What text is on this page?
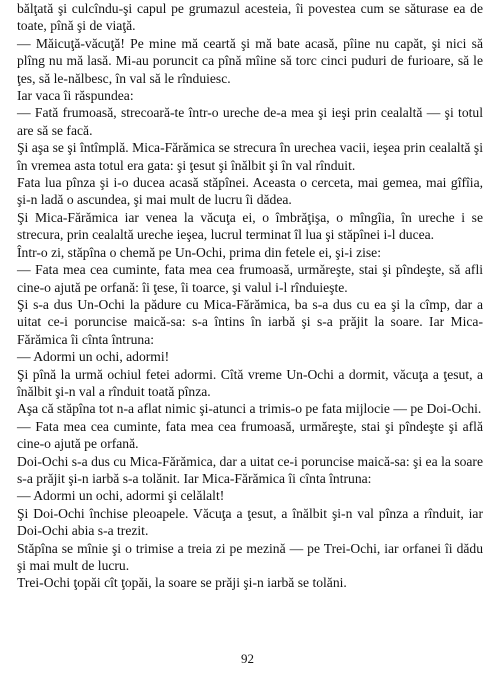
bălţată şi culcîndu-şi capul pe grumazul acesteia, îi povestea cum se săturase ea de toate, pînă şi de viaţă.

— Măicuţă-văcuţă! Pe mine mă ceartă şi mă bate acasă, pîine nu capăt, şi nici să plîng nu mă lasă. Mi-au poruncit ca pînă mîine să torc cinci puduri de furioare, să le ţes, să le-nălbesc, în val să le rînduiesc.

Iar vaca îi răspundea:

— Fată frumoasă, strecoară-te într-o ureche de-a mea şi ieşi prin cealaltă — şi totul are să se facă.

Şi aşa se şi întîmplă. Mica-Fărămica se strecura în urechea vacii, ieşea prin cealaltă şi în vremea asta totul era gata: şi ţesut şi înălbit şi în val rînduit.

Fata lua pînza şi i-o ducea acasă stăpînei. Aceasta o cerceta, mai gemea, mai gîfîia, şi-n ladă o ascundea, şi mai mult de lucru îi dădea.

Şi Mica-Fărămica iar venea la văcuţa ei, o îmbrăţişa, o mîngîia, în ureche i se strecura, prin cealaltă ureche ieşea, lucrul terminat îl lua şi stăpînei i-l ducea.

Într-o zi, stăpîna o chemă pe Un-Ochi, prima din fetele ei, şi-i zise:

— Fata mea cea cuminte, fata mea cea frumoasă, urmăreşte, stai şi pîndeşte, să afli cine-o ajută pe orfană: îi ţese, îi toarce, şi valul i-l rînduieşte.

Şi s-a dus Un-Ochi la pădure cu Mica-Fărămica, ba s-a dus cu ea şi la cîmp, dar a uitat ce-i poruncise maică-sa: s-a întins în iarbă şi s-a prăjit la soare. Iar Mica-Fărămica îi cînta întruna:

— Adormi un ochi, adormi!

Şi pînă la urmă ochiul fetei adormi. Cîtă vreme Un-Ochi a dormit, văcuţa a ţesut, a înălbit şi-n val a rînduit toată pînza.

Aşa că stăpîna tot n-a aflat nimic şi-atunci a trimis-o pe fata mijlocie — pe Doi-Ochi.

— Fata mea cea cuminte, fata mea cea frumoasă, urmăreşte, stai şi pîndeşte şi află cine-o ajută pe orfană.

Doi-Ochi s-a dus cu Mica-Fărămica, dar a uitat ce-i poruncise maică-sa: şi ea la soare s-a prăjit şi-n iarbă s-a tolănit. Iar Mica-Fărămica îi cînta întruna:

— Adormi un ochi, adormi şi celălalt!

Şi Doi-Ochi închise pleoapele. Văcuţa a ţesut, a înălbit şi-n val pînza a rînduit, iar Doi-Ochi abia s-a trezit.

Stăpîna se mînie şi o trimise a treia zi pe mezină — pe Trei-Ochi, iar orfanei îi dădu şi mai mult de lucru.

Trei-Ochi ţopăi cît ţopăi, la soare se prăji şi-n iarbă se tolăni.

92
